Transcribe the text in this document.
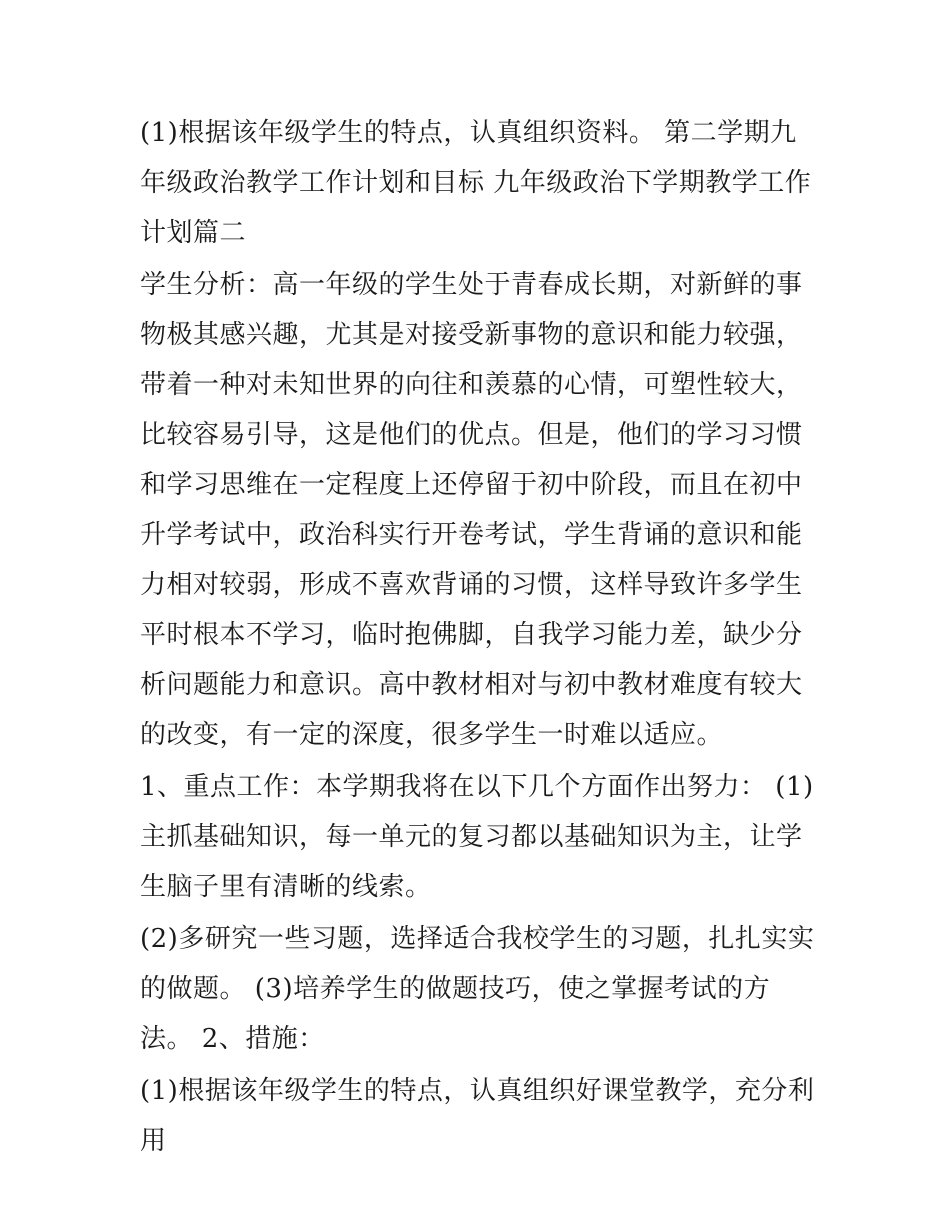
(1)根据该年级学生的特点，认真组织资料。 第二学期九年级政治教学工作计划和目标 九年级政治下学期教学工作计划篇二

学生分析：高一年级的学生处于青春成长期，对新鲜的事物极其感兴趣，尤其是对接受新事物的意识和能力较强，带着一种对未知世界的向往和羡慕的心情，可塑性较大，比较容易引导，这是他们的优点。但是，他们的学习习惯和学习思维在一定程度上还停留于初中阶段，而且在初中升学考试中，政治科实行开卷考试，学生背诵的意识和能力相对较弱，形成不喜欢背诵的习惯，这样导致许多学生平时根本不学习，临时抱佛脚，自我学习能力差，缺少分析问题能力和意识。高中教材相对与初中教材难度有较大的改变，有一定的深度，很多学生一时难以适应。

1、重点工作：本学期我将在以下几个方面作出努力： (1)主抓基础知识，每一单元的复习都以基础知识为主，让学生脑子里有清晰的线索。

(2)多研究一些习题，选择适合我校学生的习题，扎扎实实的做题。 (3)培养学生的做题技巧，使之掌握考试的方法。 2、措施：

(1)根据该年级学生的特点，认真组织好课堂教学，充分利用
